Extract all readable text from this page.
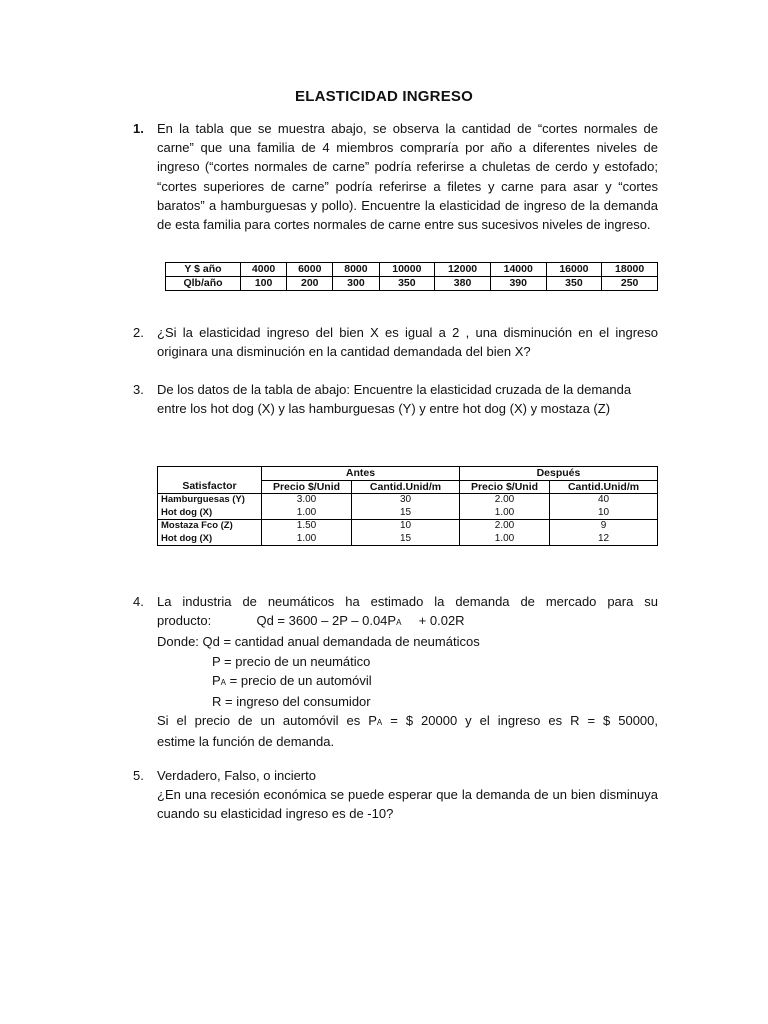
ELASTICIDAD INGRESO
1.	En la tabla que se muestra abajo, se observa la cantidad de “cortes normales de carne” que una familia de 4 miembros compraría por año a diferentes niveles de ingreso (“cortes normales de carne” podría referirse a chuletas de cerdo y estofado; “cortes superiores de carne” podría referirse a filetes y carne para asar y “cortes baratos” a hamburguesas y pollo). Encuentre la elasticidad de ingreso de la demanda de esta familia para cortes normales de carne entre sus sucesivos niveles de ingreso.

Y $ año	4000	6000	8000	10000	12000	14000	16000	18000
Qlb/año	100	200	300	350	380	390	350	250
2.	¿Si la elasticidad ingreso del bien X es igual a 2 , una disminución en el ingreso originara una disminución en la cantidad demandada del bien X?

3.	De los datos de la tabla de abajo: Encuentre la elasticidad cruzada de la demanda entre los hot dog (X) y las hamburguesas (Y) y entre hot dog (X) y mostaza (Z)

	Antes		Después	
Satisfactor	Precio $/Unid	Cantid.Unid/m	Precio $/Unid	Cantid.Unid/m
Hamburguesas (Y)	3.00	30	2.00	40
Hot dog (X)	1.00	15	1.00	10
Mostaza Fco (Z)	1.50	10	2.00	9
Hot dog (X)	1.00	15	1.00	12
4.	La industria de neumáticos ha estimado la demanda de mercado para su

producto:	Qd = 3600 – 2P – 0.04PA + 0.02R

Donde: Qd = cantidad anual demandada de neumáticos

P = precio de un neumático

PA = precio de un automóvil

R = ingreso del consumidor

Si el precio de un automóvil es PA = $ 20000 y el ingreso es R = $ 50000,

estime la función de demanda.

5.	Verdadero, Falso, o incierto

¿En una recesión económica se puede esperar que la demanda de un bien disminuya cuando su elasticidad ingreso es de -10?
